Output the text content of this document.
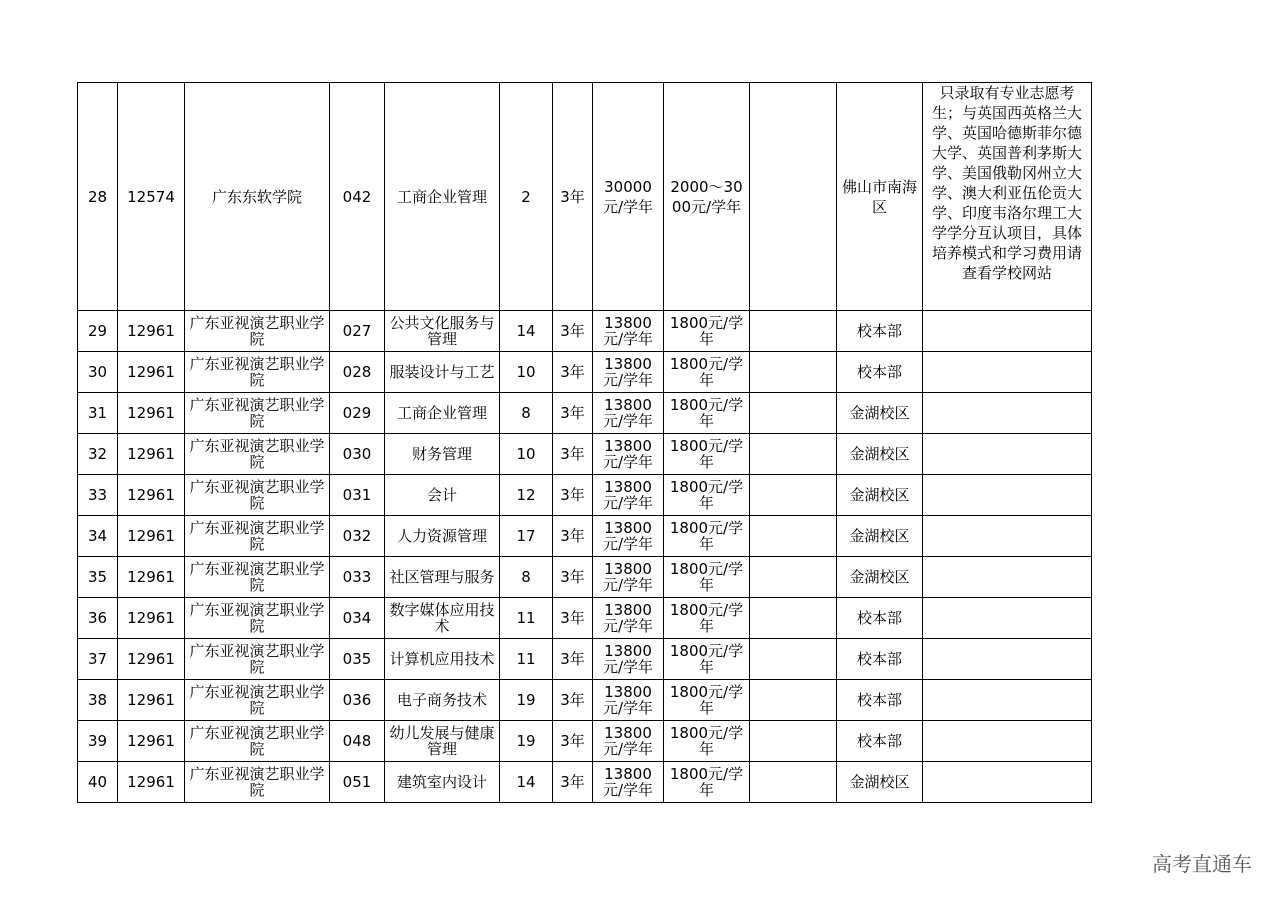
28	12574	广东东软学院	042	工商企业管理	2	3年	30000元/学年	2000～3000元/学年		佛山市南海区	只录取有专业志愿考生；与英国西英格兰大学、英国哈德斯菲尔德大学、英国普利茅斯大学、美国俄勒冈州立大学、澳大利亚伍伦贡大学、印度韦洛尔理工大学学分互认项目，具体培养模式和学习费用请查看学校网站
29	12961	广东亚视演艺职业学院	027	公共文化服务与管理	14	3年	13800元/学年	1800元/学年		校本部	
30	12961	广东亚视演艺职业学院	028	服装设计与工艺	10	3年	13800元/学年	1800元/学年		校本部	
31	12961	广东亚视演艺职业学院	029	工商企业管理	8	3年	13800元/学年	1800元/学年		金湖校区	
32	12961	广东亚视演艺职业学院	030	财务管理	10	3年	13800元/学年	1800元/学年		金湖校区	
33	12961	广东亚视演艺职业学院	031	会计	12	3年	13800元/学年	1800元/学年		金湖校区	
34	12961	广东亚视演艺职业学院	032	人力资源管理	17	3年	13800元/学年	1800元/学年		金湖校区	
35	12961	广东亚视演艺职业学院	033	社区管理与服务	8	3年	13800元/学年	1800元/学年		金湖校区	
36	12961	广东亚视演艺职业学院	034	数字媒体应用技术	11	3年	13800元/学年	1800元/学年		校本部	
37	12961	广东亚视演艺职业学院	035	计算机应用技术	11	3年	13800元/学年	1800元/学年		校本部	
38	12961	广东亚视演艺职业学院	036	电子商务技术	19	3年	13800元/学年	1800元/学年		校本部	
39	12961	广东亚视演艺职业学院	048	幼儿发展与健康管理	19	3年	13800元/学年	1800元/学年		校本部	
40	12961	广东亚视演艺职业学院	051	建筑室内设计	14	3年	13800元/学年	1800元/学年		金湖校区	
高考直通车
